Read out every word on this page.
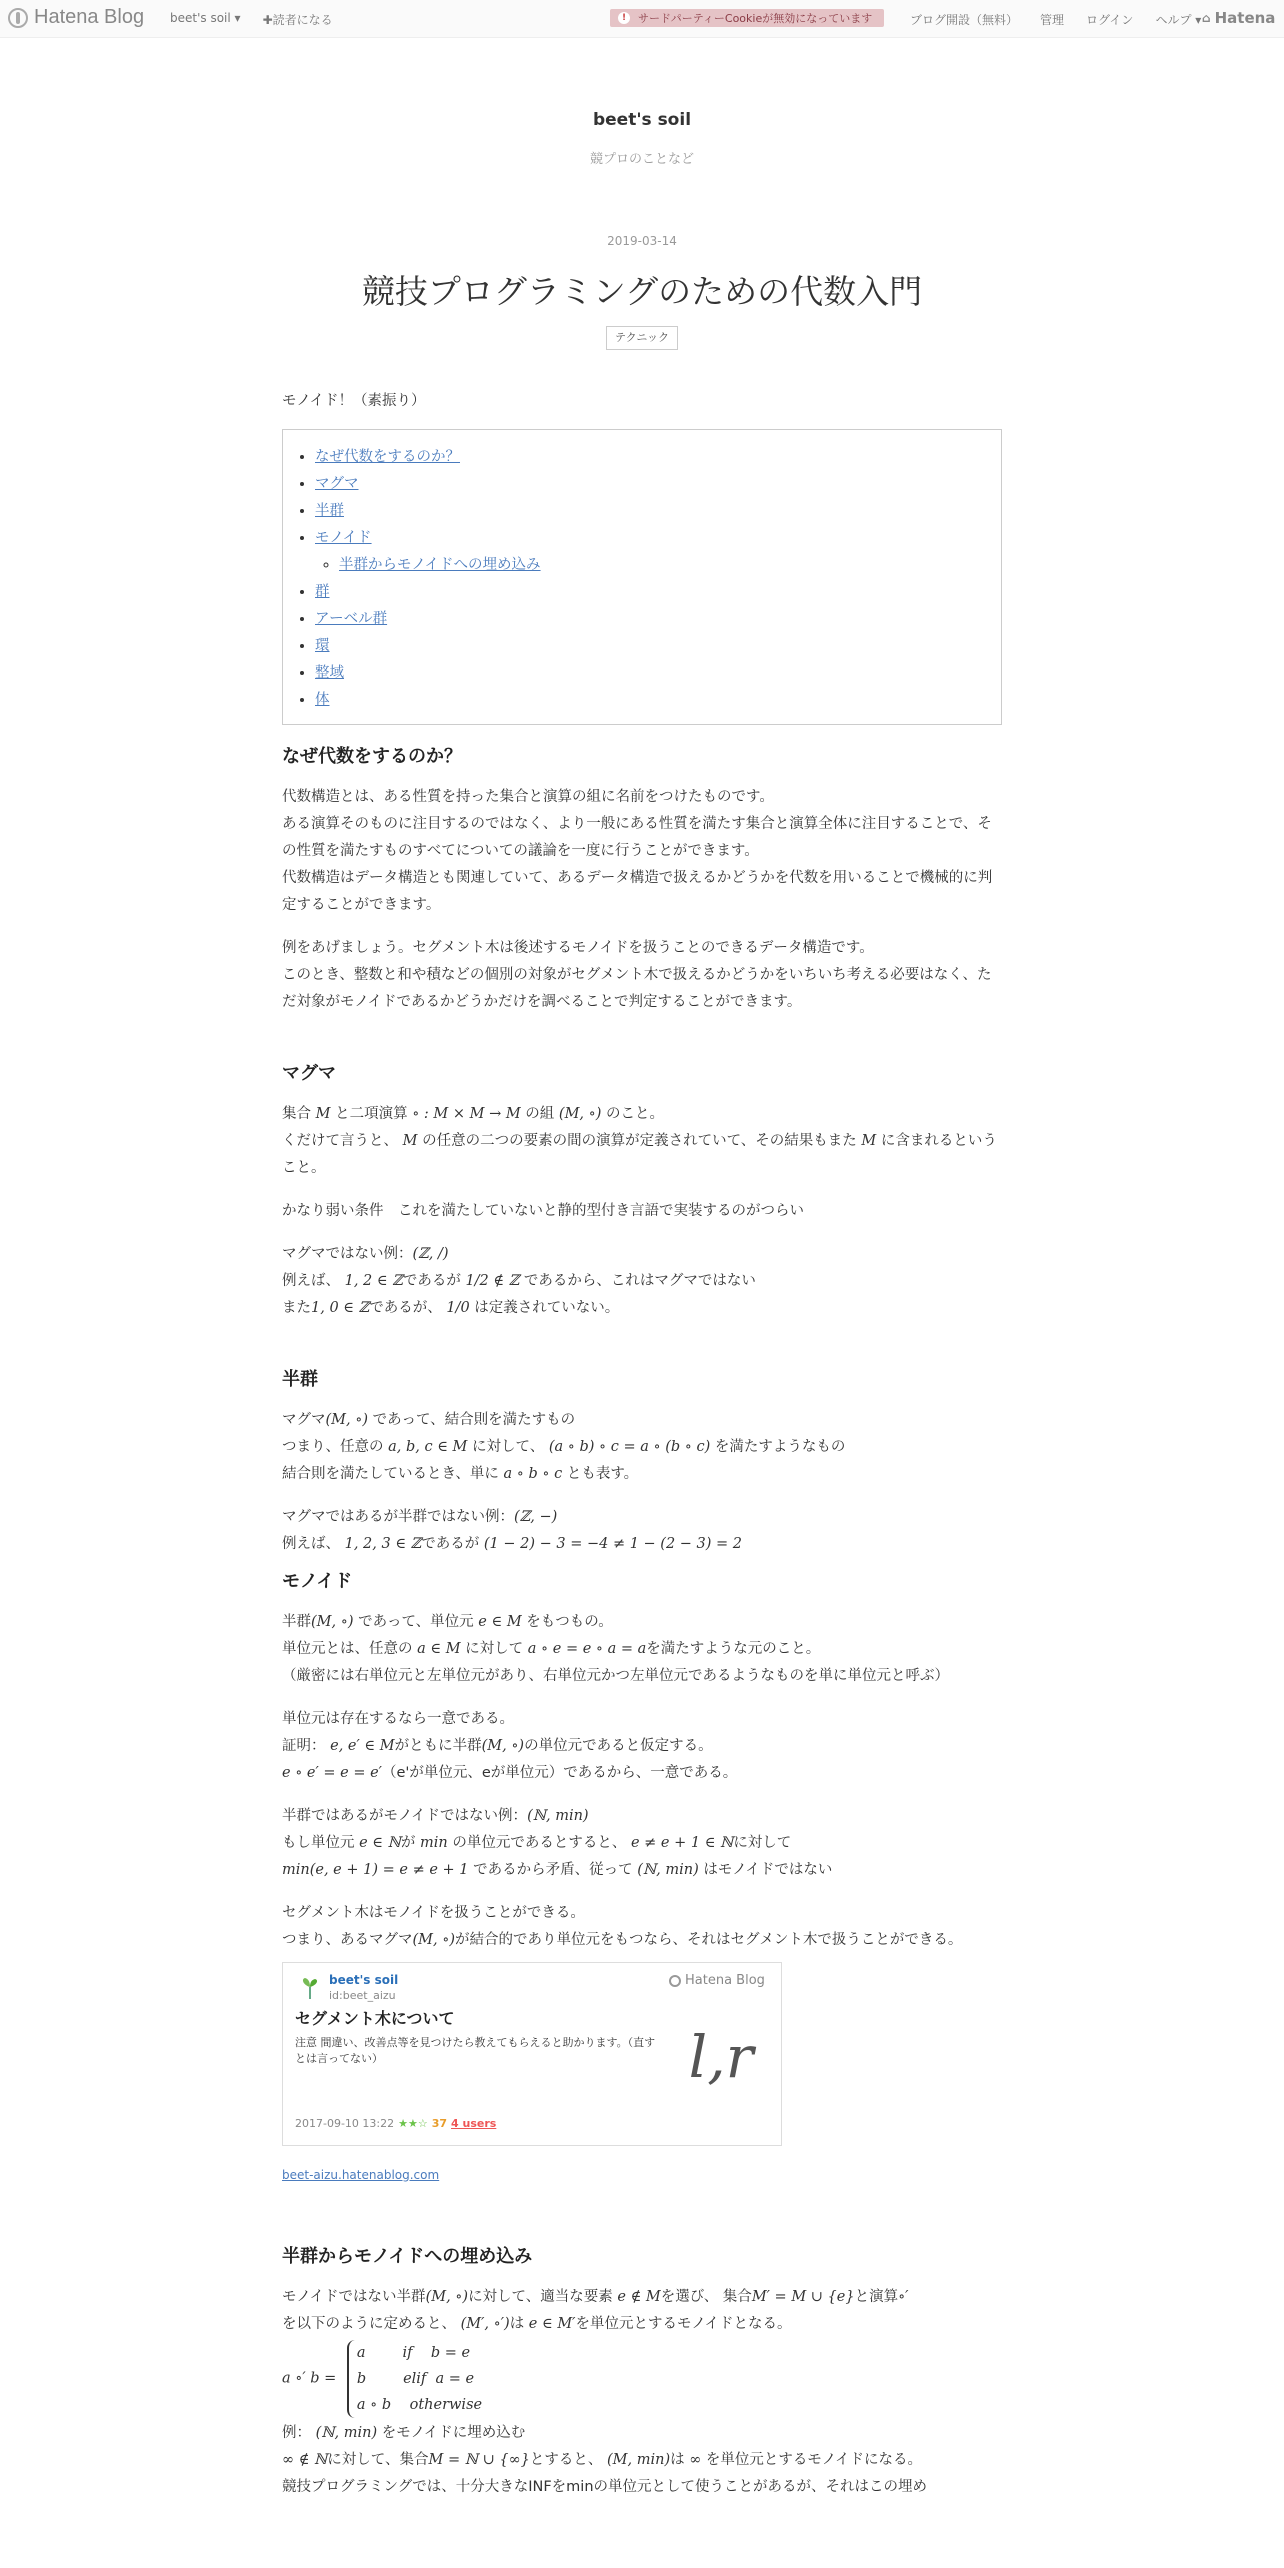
Hatena Blog beet's soil ▾ ✚読者になる	!	サードパーティーCookieが無効になっています	ブログ開設（無料） 管理 ログイン ヘルプ ▾ ⌂ Hatena
beet's soil
競プロのことなど
2019-03-14
競技プログラミングのための代数入門
テクニック

モノイド！（素振り）

• なぜ代数をするのか？
• マグマ
• 半群
• モノイド
◦ 半群からモノイドへの埋め込み
• 群
• アーベル群
• 環
• 整域
• 体
なぜ代数をするのか？

代数構造とは、ある性質を持った集合と演算の組に名前をつけたものです。
ある演算そのものに注目するのではなく、より一般にある性質を満たす集合と演算全体に注目することで、その性質を満たすものすべてについての議論を一度に行うことができます。
代数構造はデータ構造とも関連していて、あるデータ構造で扱えるかどうかを代数を用いることで機械的に判定することができます。

例をあげましょう。セグメント木は後述するモノイドを扱うことのできるデータ構造です。
このとき、整数と和や積などの個別の対象がセグメント木で扱えるかどうかをいちいち考える必要はなく、ただ対象がモノイドであるかどうかだけを調べることで判定することができます。

マグマ

集合 M と二項演算 ∘ : M × M → M の組 (M, ∘) のこと。
くだけて言うと、 M の任意の二つの要素の間の演算が定義されていて、その結果もまた M に含まれるということ。

かなり弱い条件　これを満たしていないと静的型付き言語で実装するのがつらい

マグマではない例：(ℤ, /)
例えば、 1, 2 ∈ ℤであるが 1/2 ∉ ℤ であるから、これはマグマではない
また1, 0 ∈ ℤであるが、 1/0 は定義されていない。

半群

マグマ(M, ∘) であって、結合則を満たすもの
つまり、任意の a, b, c ∈ M に対して、 (a ∘ b) ∘ c = a ∘ (b ∘ c) を満たすようなもの
結合則を満たしているとき、単に a ∘ b ∘ c とも表す。

マグマではあるが半群ではない例：(ℤ, −)
例えば、 1, 2, 3 ∈ ℤであるが (1 − 2) − 3 = −4 ≠ 1 − (2 − 3) = 2

モノイド

半群(M, ∘) であって、単位元 e ∈ M をもつもの。
単位元とは、任意の a ∈ M に対して a ∘ e = e ∘ a = aを満たすような元のこと。
（厳密には右単位元と左単位元があり、右単位元かつ左単位元であるようなものを単に単位元と呼ぶ）

単位元は存在するなら一意である。
証明： e, e′ ∈ Mがともに半群(M, ∘)の単位元であると仮定する。
e ∘ e′ = e = e′（e'が単位元、eが単位元）であるから、一意である。

半群ではあるがモノイドではない例：(ℕ, min)
もし単位元 e ∈ ℕが min の単位元であるとすると、 e ≠ e + 1 ∈ ℕに対して
min(e, e + 1) = e ≠ e + 1 であるから矛盾、従って (ℕ, min) はモノイドではない

セグメント木はモノイドを扱うことができる。
つまり、あるマグマ(M, ∘)が結合的であり単位元をもつなら、それはセグメント木で扱うことができる。

beet's soil
id:beet_aizu
Hatena Blog
セグメント木について
注意 間違い、改善点等を見つけたら教えてもらえると助かります。（直すとは言ってない）	l,r
2017-09-10 13:22 ★★☆ 37 4 users
beet-aizu.hatenablog.com
半群からモノイドへの埋め込み

モノイドではない半群(M, ∘)に対して、適当な要素 e ∉ Mを選び、 集合M′ = M ∪ {e}と演算∘′
を以下のように定めると、 (M′, ∘′)は e ∈ M′を単位元とするモノイドとなる。

a ∘′ b = a        if    b = e
b        elif  a = e
a ∘ b    otherwise

例： (ℕ, min) をモノイドに埋め込む
∞ ∉ ℕに対して、集合M = ℕ ∪ {∞}とすると、 (M, min)は ∞ を単位元とするモノイドになる。
競技プログラミングでは、十分大きなINFをminの単位元として使うことがあるが、それはこの埋め
